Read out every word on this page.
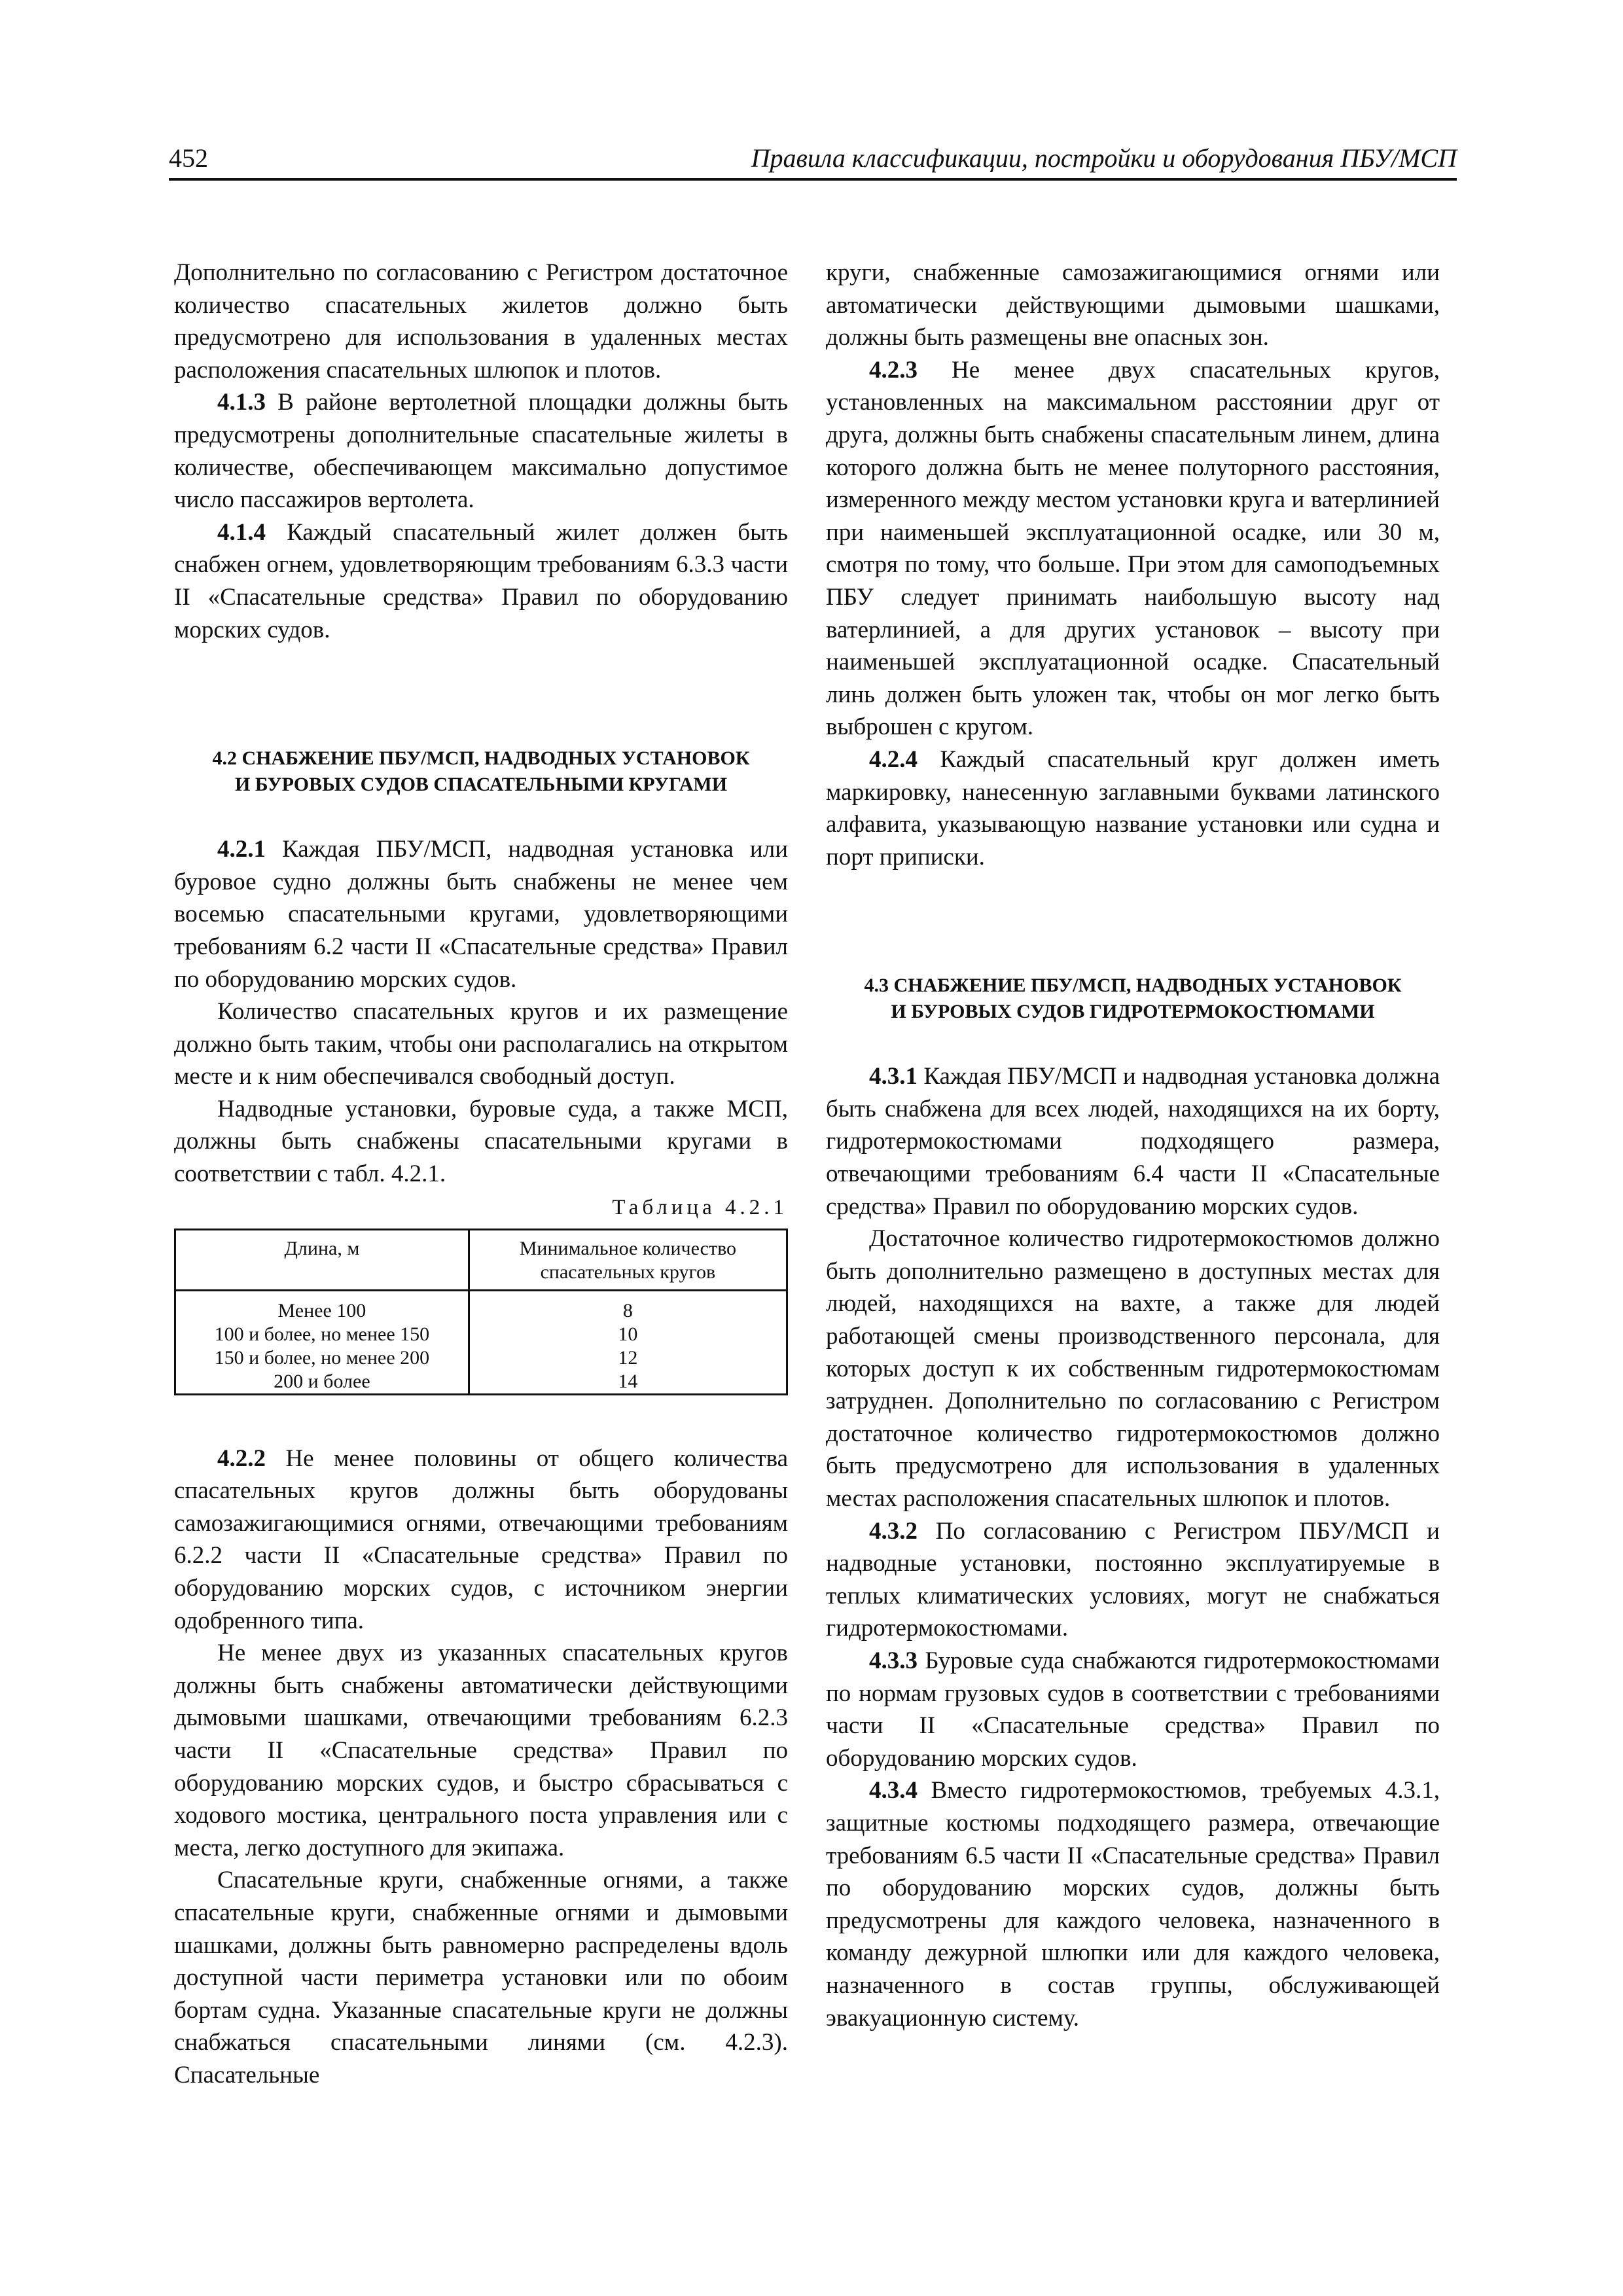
452	Правила классификации, постройки и оборудования ПБУ/МСП

Дополнительно по согласованию с Регистром достаточное количество спасательных жилетов должно быть предусмотрено для использования в удаленных местах расположения спасательных шлюпок и плотов.

4.1.3 В районе вертолетной площадки должны быть предусмотрены дополнительные спасательные жилеты в количестве, обеспечивающем максимально допустимое число пассажиров вертолета.

4.1.4 Каждый спасательный жилет должен быть снабжен огнем, удовлетворяющим требованиям 6.3.3 части II «Спасательные средства» Правил по оборудованию морских судов.

4.2 СНАБЖЕНИЕ ПБУ/МСП, НАДВОДНЫХ УСТАНОВОК
И БУРОВЫХ СУДОВ СПАСАТЕЛЬНЫМИ КРУГАМИ

4.2.1 Каждая ПБУ/МСП, надводная установка или буровое судно должны быть снабжены не менее чем восемью спасательными кругами, удовлетворяющими требованиям 6.2 части II «Спасательные средства» Правил по оборудованию морских судов.

Количество спасательных кругов и их размещение должно быть таким, чтобы они располагались на открытом месте и к ним обеспечивался свободный доступ.

Надводные установки, буровые суда, а также МСП, должны быть снабжены спасательными кругами в соответствии с табл. 4.2.1.

Таблица 4.2.1
Длина, м	Минимальное количество спасательных кругов
Менее 100	8
100 и более, но менее 150	10
150 и более, но менее 200	12
200 и более	14

4.2.2 Не менее половины от общего количества спасательных кругов должны быть оборудованы самозажигающимися огнями, отвечающими требованиям 6.2.2 части II «Спасательные средства» Правил по оборудованию морских судов, с источником энергии одобренного типа.

Не менее двух из указанных спасательных кругов должны быть снабжены автоматически действующими дымовыми шашками, отвечающими требованиям 6.2.3 части II «Спасательные средства» Правил по оборудованию морских судов, и быстро сбрасываться с ходового мостика, центрального поста управления или с места, легко доступного для экипажа.

Спасательные круги, снабженные огнями, а также спасательные круги, снабженные огнями и дымовыми шашками, должны быть равномерно распределены вдоль доступной части периметра установки или по обоим бортам судна. Указанные спасательные круги не должны снабжаться спасательными линями (см. 4.2.3). Спасательные

круги, снабженные самозажигающимися огнями или автоматически действующими дымовыми шашками, должны быть размещены вне опасных зон.

4.2.3 Не менее двух спасательных кругов, установленных на максимальном расстоянии друг от друга, должны быть снабжены спасательным линем, длина которого должна быть не менее полуторного расстояния, измеренного между местом установки круга и ватерлинией при наименьшей эксплуатационной осадке, или 30 м, смотря по тому, что больше. При этом для самоподъемных ПБУ следует принимать наибольшую высоту над ватерлинией, а для других установок – высоту при наименьшей эксплуатационной осадке. Спасательный линь должен быть уложен так, чтобы он мог легко быть выброшен с кругом.

4.2.4 Каждый спасательный круг должен иметь маркировку, нанесенную заглавными буквами латинского алфавита, указывающую название установки или судна и порт приписки.

4.3 СНАБЖЕНИЕ ПБУ/МСП, НАДВОДНЫХ УСТАНОВОК
И БУРОВЫХ СУДОВ ГИДРОТЕРМОКОСТЮМАМИ

4.3.1 Каждая ПБУ/МСП и надводная установка должна быть снабжена для всех людей, находящихся на их борту, гидротермокостюмами подходящего размера, отвечающими требованиям 6.4 части II «Спасательные средства» Правил по оборудованию морских судов.

Достаточное количество гидротермокостюмов должно быть дополнительно размещено в доступных местах для людей, находящихся на вахте, а также для людей работающей смены производственного персонала, для которых доступ к их собственным гидротермокостюмам затруднен. Дополнительно по согласованию с Регистром достаточное количество гидротермокостюмов должно быть предусмотрено для использования в удаленных местах расположения спасательных шлюпок и плотов.

4.3.2 По согласованию с Регистром ПБУ/МСП и надводные установки, постоянно эксплуатируемые в теплых климатических условиях, могут не снабжаться гидротермокостюмами.

4.3.3 Буровые суда снабжаются гидротермокостюмами по нормам грузовых судов в соответствии с требованиями части II «Спасательные средства» Правил по оборудованию морских судов.

4.3.4 Вместо гидротермокостюмов, требуемых 4.3.1, защитные костюмы подходящего размера, отвечающие требованиям 6.5 части II «Спасательные средства» Правил по оборудованию морских судов, должны быть предусмотрены для каждого человека, назначенного в команду дежурной шлюпки или для каждого человека, назначенного в состав группы, обслуживающей эвакуационную систему.
